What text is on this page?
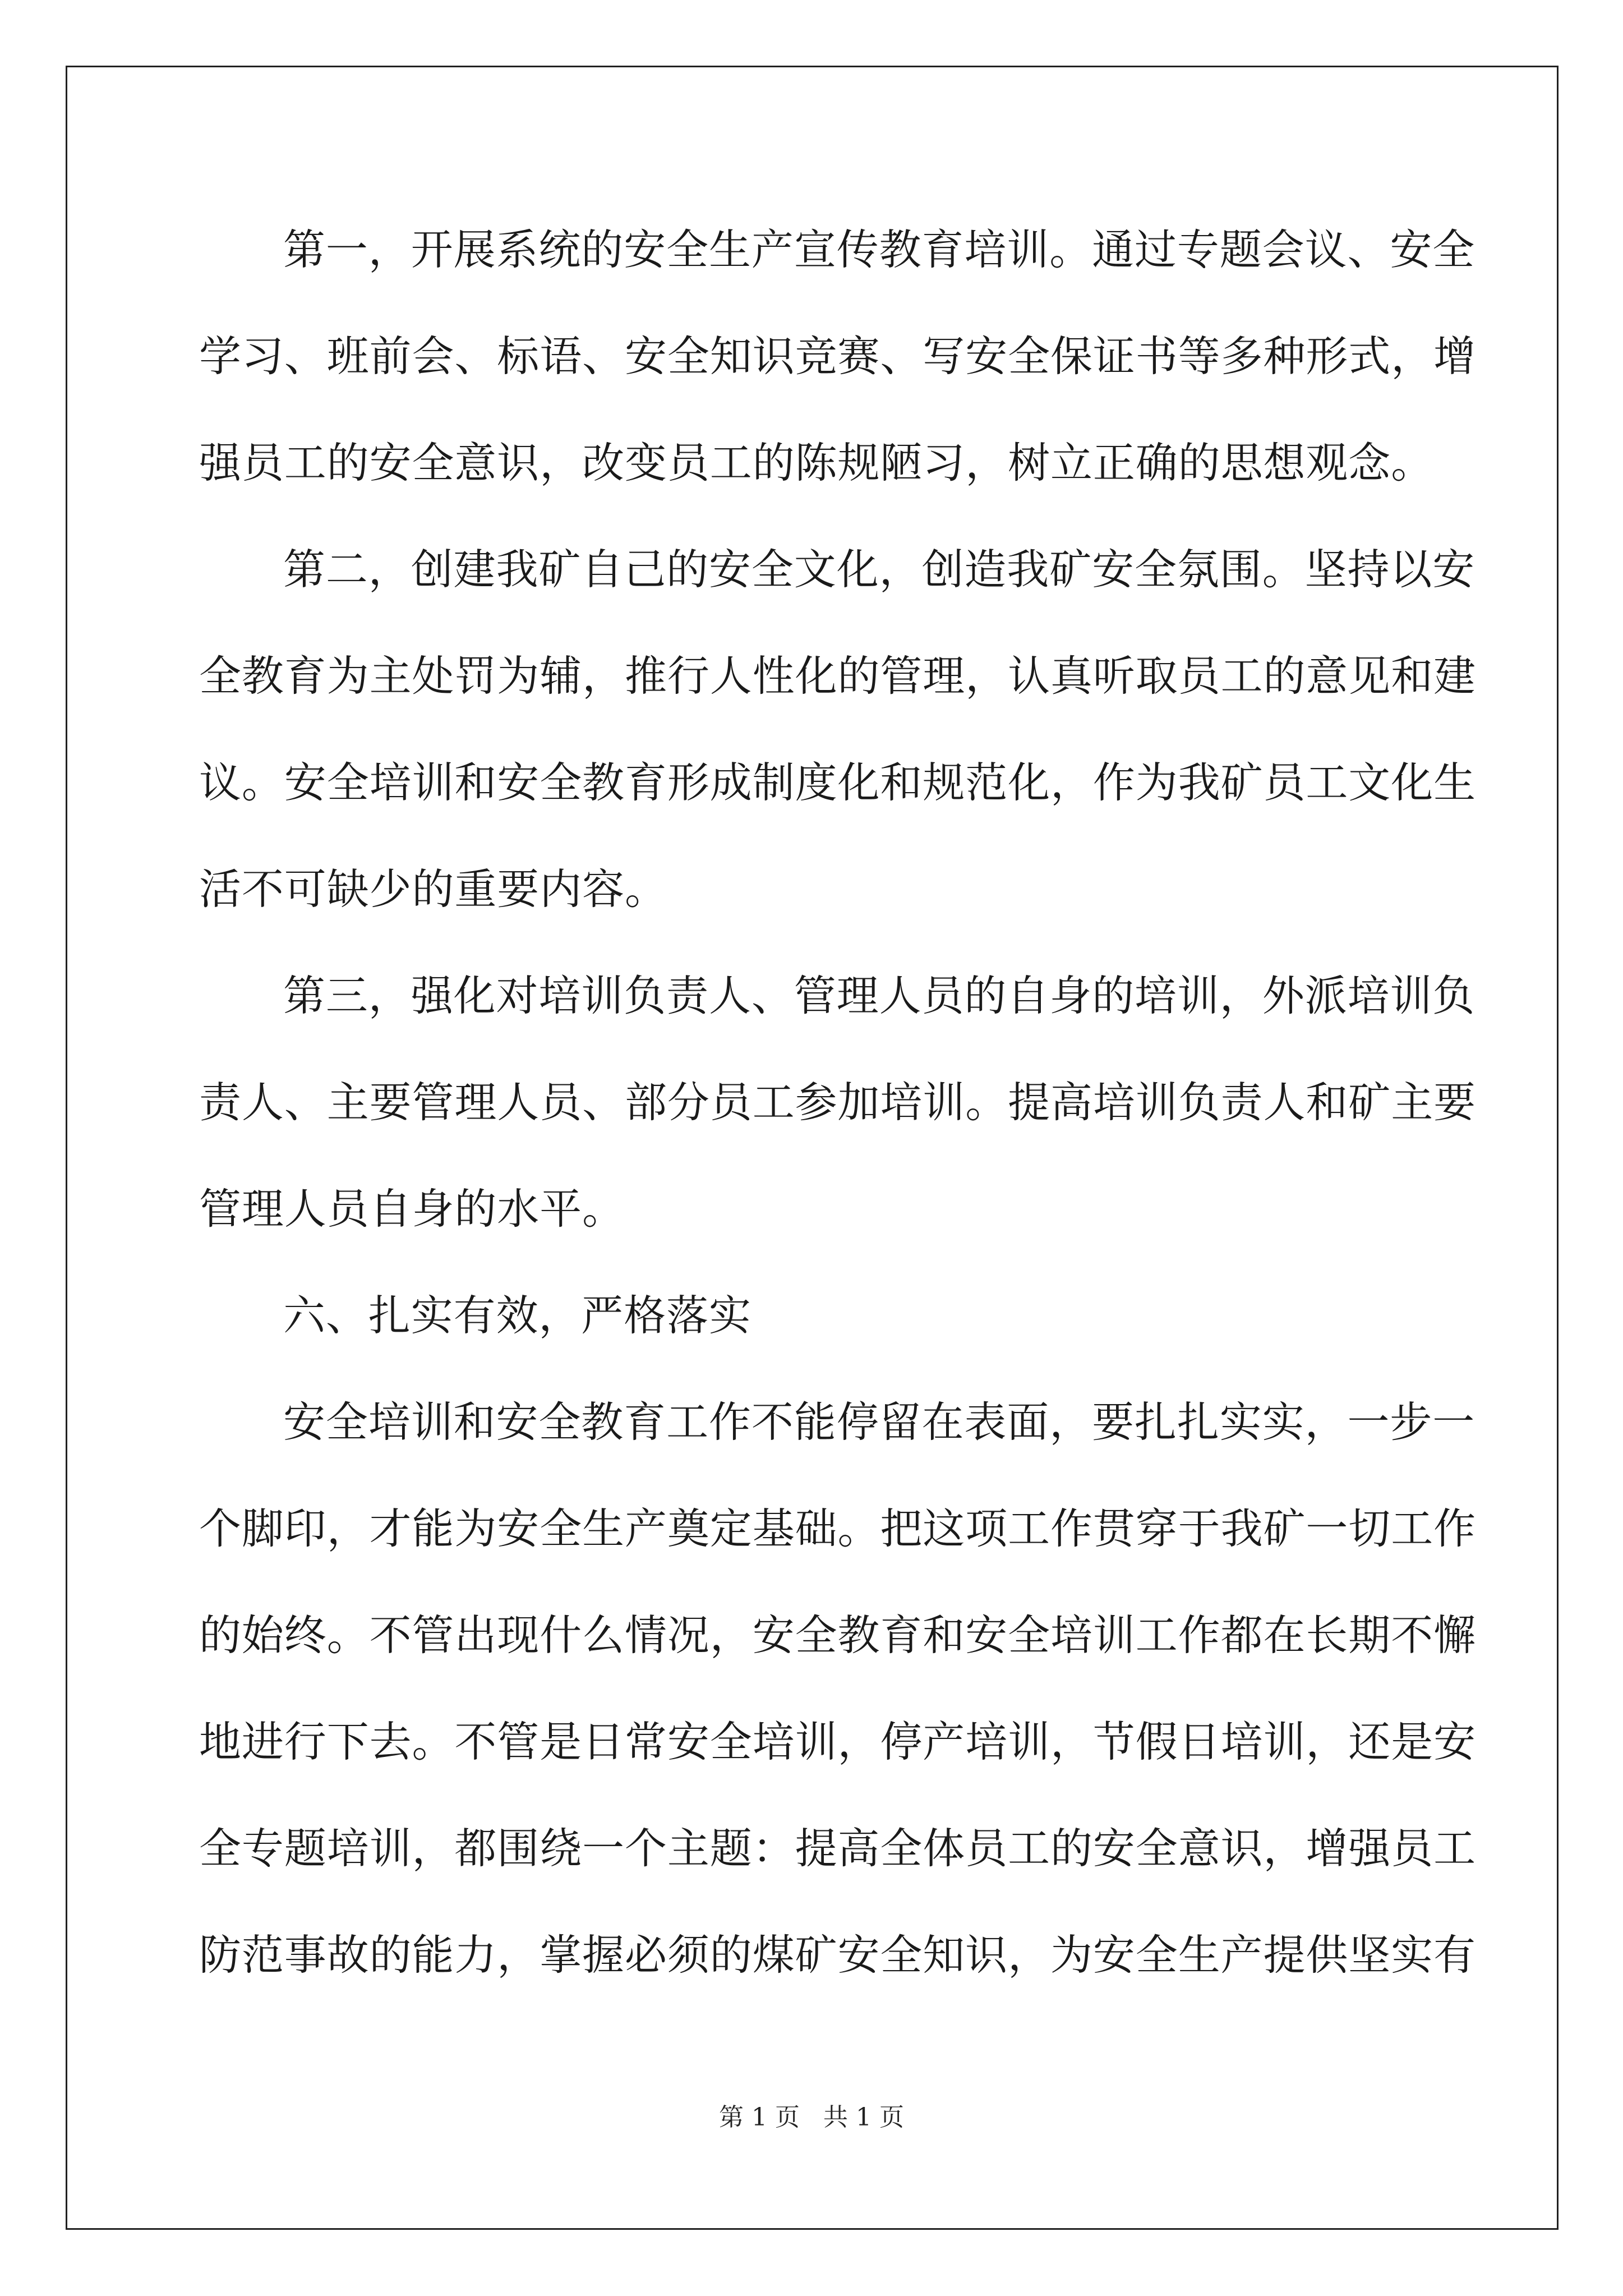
第一，开展系统的安全生产宣传教育培训。通过专题会议、安全
学习、班前会、标语、安全知识竞赛、写安全保证书等多种形式，增
强员工的安全意识，改变员工的陈规陋习，树立正确的思想观念。
第二，创建我矿自己的安全文化，创造我矿安全氛围。坚持以安
全教育为主处罚为辅，推行人性化的管理，认真听取员工的意见和建
议。安全培训和安全教育形成制度化和规范化，作为我矿员工文化生
活不可缺少的重要内容。
第三，强化对培训负责人、管理人员的自身的培训，外派培训负
责人、主要管理人员、部分员工参加培训。提高培训负责人和矿主要
管理人员自身的水平。
六、扎实有效，严格落实
安全培训和安全教育工作不能停留在表面，要扎扎实实，一步一
个脚印，才能为安全生产奠定基础。把这项工作贯穿于我矿一切工作
的始终。不管出现什么情况，安全教育和安全培训工作都在长期不懈
地进行下去。不管是日常安全培训，停产培训，节假日培训，还是安
全专题培训，都围绕一个主题：提高全体员工的安全意识，增强员工
防范事故的能力，掌握必须的煤矿安全知识，为安全生产提供坚实有
第 1 页   共 1 页
